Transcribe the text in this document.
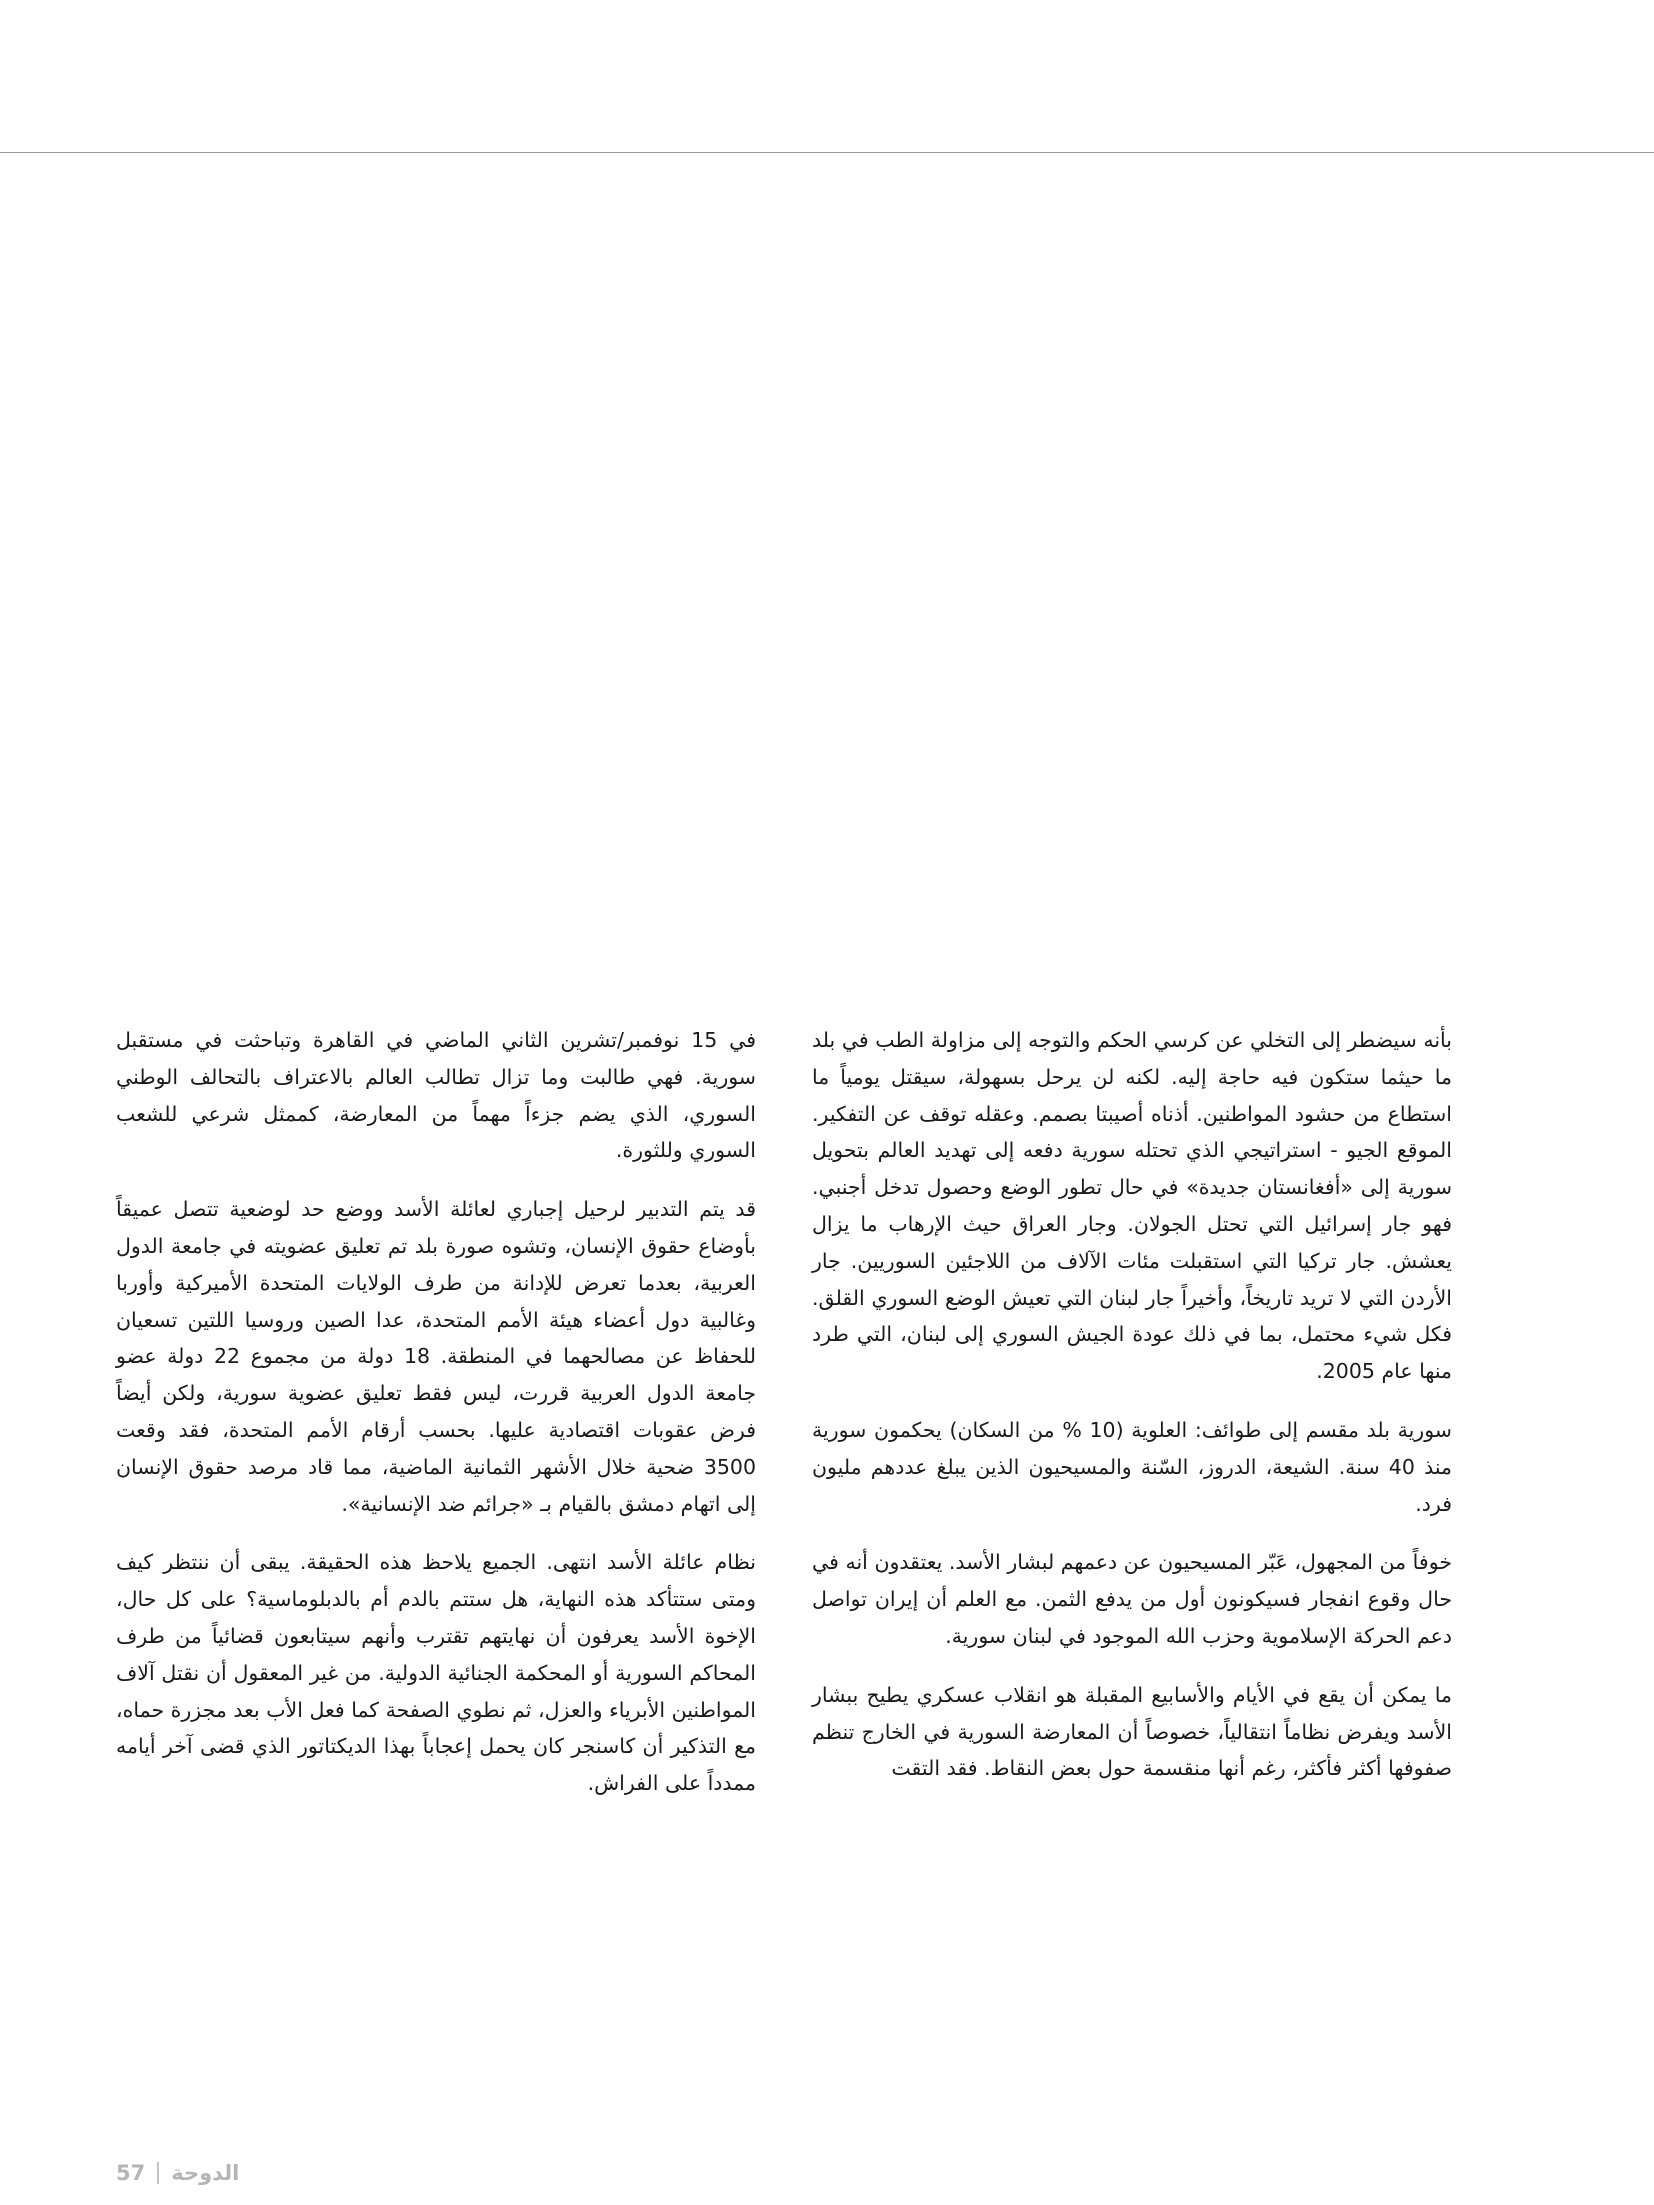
بأنه سيضطر إلى التخلي عن كرسي الحكم والتوجه إلى مزاولة الطب في بلد ما حيثما ستكون فيه حاجة إليه. لكنه لن يرحل بسهولة، سيقتل يومياً ما استطاع من حشود المواطنين. أذناه أصيبتا بصمم. وعقله توقف عن التفكير. الموقع الجيو - استراتيجي الذي تحتله سورية دفعه إلى تهديد العالم بتحويل سورية إلى «أفغانستان جديدة» في حال تطور الوضع وحصول تدخل أجنبي. فهو جار إسرائيل التي تحتل الجولان. وجار العراق حيث الإرهاب ما يزال يعشش. جار تركيا التي استقبلت مئات الآلاف من اللاجئين السوريين. جار الأردن التي لا تريد تاريخاً، وأخيراً جار لبنان التي تعيش الوضع السوري القلق. فكل شيء محتمل، بما في ذلك عودة الجيش السوري إلى لبنان، التي طرد منها عام 2005.

سورية بلد مقسم إلى طوائف: العلوية (10 % من السكان) يحكمون سورية منذ 40 سنة. الشيعة، الدروز، السّنة والمسيحيون الذين يبلغ عددهم مليون فرد.

خوفاً من المجهول، عَبّر المسيحيون عن دعمهم لبشار الأسد. يعتقدون أنه في حال وقوع انفجار فسيكونون أول من يدفع الثمن. مع العلم أن إيران تواصل دعم الحركة الإسلاموية وحزب الله الموجود في لبنان سورية.

ما يمكن أن يقع في الأيام والأسابيع المقبلة هو انقلاب عسكري يطيح ببشار الأسد ويفرض نظاماً انتقالياً، خصوصاً أن المعارضة السورية في الخارج تنظم صفوفها أكثر فأكثر، رغم أنها منقسمة حول بعض النقاط. فقد التقت

في 15 نوفمبر/تشرين الثاني الماضي في القاهرة وتباحثت في مستقبل سورية. فهي طالبت وما تزال تطالب العالم بالاعتراف بالتحالف الوطني السوري، الذي يضم جزءاً مهماً من المعارضة، كممثل شرعي للشعب السوري وللثورة.

قد يتم التدبير لرحيل إجباري لعائلة الأسد ووضع حد لوضعية تتصل عميقاً بأوضاع حقوق الإنسان، وتشوه صورة بلد تم تعليق عضويته في جامعة الدول العربية، بعدما تعرض للإدانة من طرف الولايات المتحدة الأميركية وأوربا وغالبية دول أعضاء هيئة الأمم المتحدة، عدا الصين وروسيا اللتين تسعيان للحفاظ عن مصالحهما في المنطقة. 18 دولة من مجموع 22 دولة عضو جامعة الدول العربية قررت، ليس فقط تعليق عضوية سورية، ولكن أيضاً فرض عقوبات اقتصادية عليها. بحسب أرقام الأمم المتحدة، فقد وقعت 3500 ضحية خلال الأشهر الثمانية الماضية، مما قاد مرصد حقوق الإنسان إلى اتهام دمشق بالقيام بـ «جرائم ضد الإنسانية».

نظام عائلة الأسد انتهى. الجميع يلاحظ هذه الحقيقة. يبقى أن ننتظر كيف ومتى ستتأكد هذه النهاية، هل ستتم بالدم أم بالدبلوماسية؟ على كل حال، الإخوة الأسد يعرفون أن نهايتهم تقترب وأنهم سيتابعون قضائياً من طرف المحاكم السورية أو المحكمة الجنائية الدولية. من غير المعقول أن نقتل آلاف المواطنين الأبرياء والعزل، ثم نطوي الصفحة كما فعل الأب بعد مجزرة حماه، مع التذكير أن كاسنجر كان يحمل إعجاباً بهذا الديكتاتور الذي قضى آخر أيامه ممدداً على الفراش.

57 الدوحة
